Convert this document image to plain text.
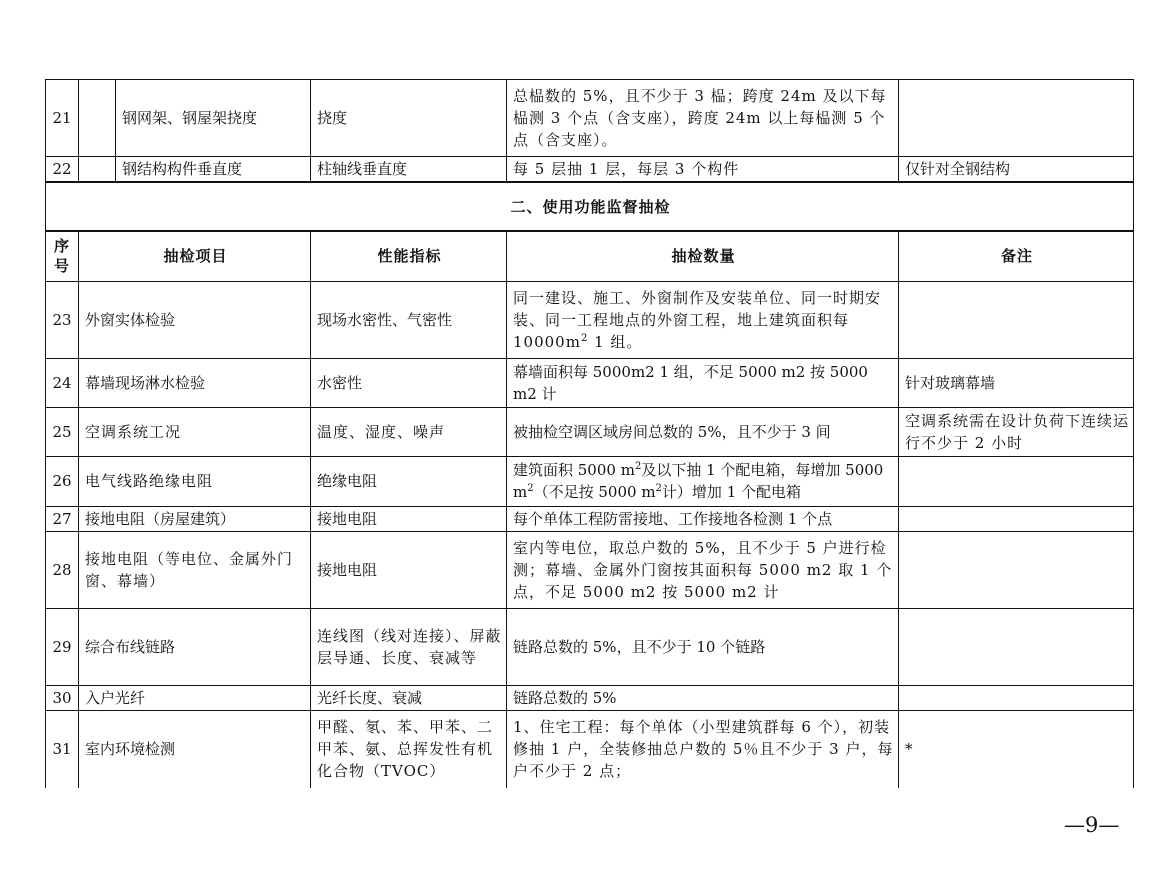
21		钢网架、钢屋架挠度	挠度	总榀数的 5%，且不少于 3 榀；跨度 24m 及以下每榀测 3 个点（含支座），跨度 24m 以上每榀测 5 个点（含支座）。	
22		钢结构构件垂直度	柱轴线垂直度	每 5 层抽 1 层，每层 3 个构件	仅针对全钢结构
二、使用功能监督抽检					
序号	抽检项目		性能指标	抽检数量	备注
23	外窗实体检验		现场水密性、气密性	同一建设、施工、外窗制作及安装单位、同一时期安装、同一工程地点的外窗工程，地上建筑面积每 $10000m^2$ 1 组。	
24	幕墙现场淋水检验		水密性	幕墙面积每 5000m2 1 组，不足 5000 m2 按 5000 m2 计	针对玻璃幕墙
25	空调系统工况		温度、湿度、噪声	被抽检空调区域房间总数的 5%，且不少于 3 间	空调系统需在设计负荷下连续运行不少于 2 小时
26	电气线路绝缘电阻		绝缘电阻	建筑面积 5000 $m^2$及以下抽 1 个配电箱，每增加 5000 $m^2$（不足按 5000 $m^2$计）增加 1 个配电箱	
27	接地电阻（房屋建筑）		接地电阻	每个单体工程防雷接地、工作接地各检测 1 个点	
28	接地电阻（等电位、金属外门窗、幕墙）		接地电阻	室内等电位，取总户数的 5%，且不少于 5 户进行检测；幕墙、金属外门窗按其面积每 5000 m2 取 1 个点，不足 5000 m2 按 5000 m2 计	
29	综合布线链路		连线图（线对连接）、屏蔽层导通、长度、衰减等	链路总数的 5%，且不少于 10 个链路	
30	入户光纤		光纤长度、衰减	链路总数的 5%	
31	室内环境检测		甲醛、氡、苯、甲苯、二甲苯、氨、总挥发性有机化合物（TVOC）	1、住宅工程：每个单体（小型建筑群每 6 个），初装修抽 1 户，全装修抽总户数的 5％且不少于 3 户，每户不少于 2 点；	*
—9—
